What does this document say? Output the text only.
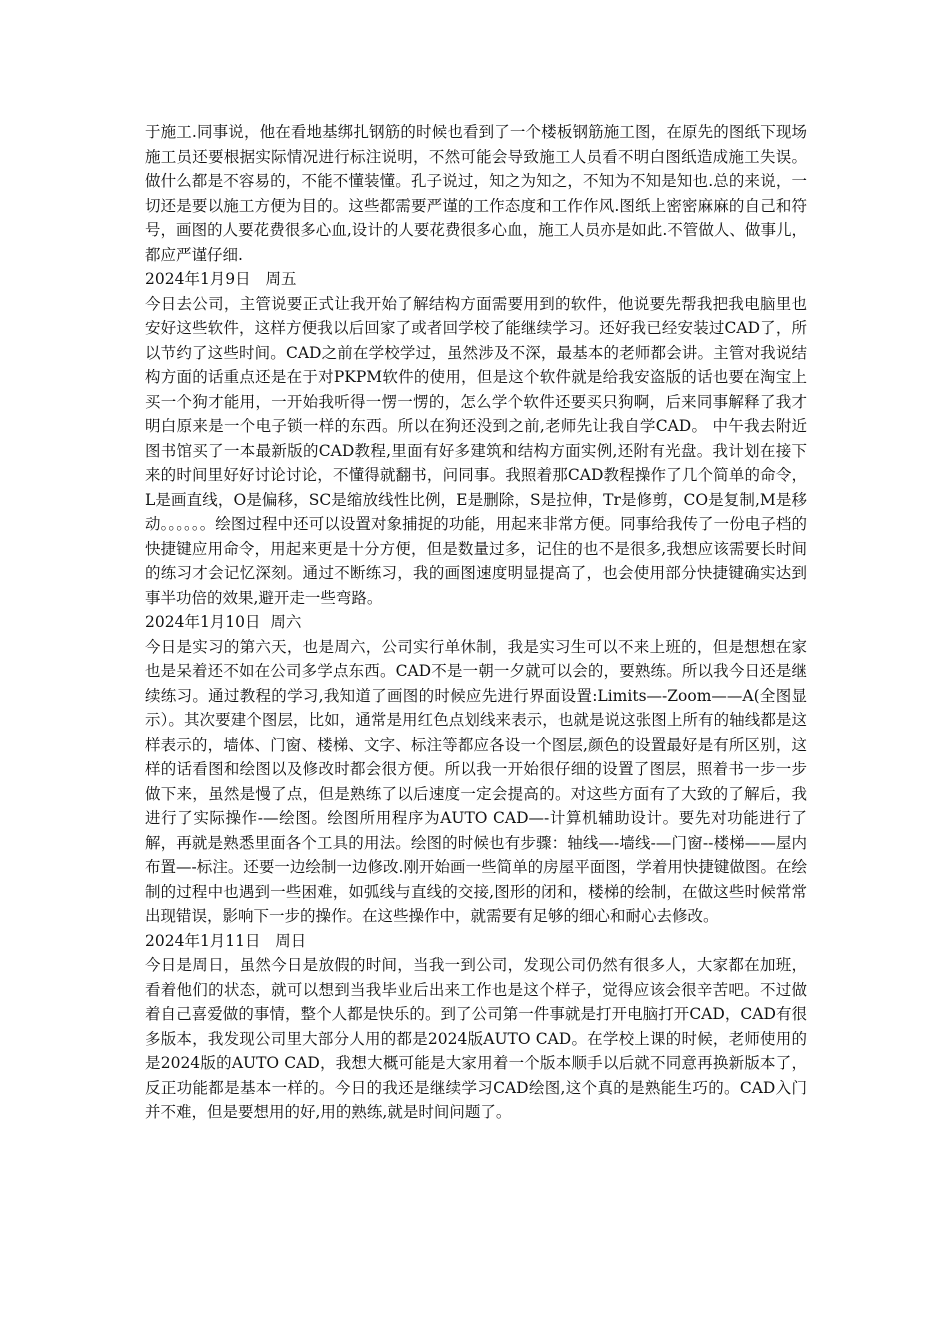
于施工.同事说，他在看地基绑扎钢筋的时候也看到了一个楼板钢筋施工图，在原先的图纸下现场施工员还要根据实际情况进行标注说明，不然可能会导致施工人员看不明白图纸造成施工失误。做什么都是不容易的，不能不懂装懂。孔子说过，知之为知之，不知为不知是知也.总的来说，一切还是要以施工方便为目的。这些都需要严谨的工作态度和工作作风.图纸上密密麻麻的自己和符号，画图的人要花费很多心血,设计的人要花费很多心血，施工人员亦是如此.不管做人、做事儿，都应严谨仔细.

2024年1月9日   周五

今日去公司，主管说要正式让我开始了解结构方面需要用到的软件，他说要先帮我把我电脑里也安好这些软件，这样方便我以后回家了或者回学校了能继续学习。还好我已经安装过CAD了，所以节约了这些时间。CAD之前在学校学过，虽然涉及不深，最基本的老师都会讲。主管对我说结构方面的话重点还是在于对PKPM软件的使用，但是这个软件就是给我安盗版的话也要在淘宝上买一个狗才能用，一开始我听得一愣一愣的，怎么学个软件还要买只狗啊，后来同事解释了我才明白原来是一个电子锁一样的东西。所以在狗还没到之前,老师先让我自学CAD。 中午我去附近图书馆买了一本最新版的CAD教程,里面有好多建筑和结构方面实例,还附有光盘。我计划在接下来的时间里好好讨论讨论，不懂得就翻书，问同事。我照着那CAD教程操作了几个简单的命令，L是画直线，O是偏移，SC是缩放线性比例，E是删除，S是拉伸，Tr是修剪，CO是复制,M是移动。。。。。。绘图过程中还可以设置对象捕捉的功能，用起来非常方便。同事给我传了一份电子档的快捷键应用命令，用起来更是十分方便，但是数量过多，记住的也不是很多,我想应该需要长时间的练习才会记忆深刻。通过不断练习，我的画图速度明显提高了，也会使用部分快捷键确实达到事半功倍的效果,避开走一些弯路。

2024年1月10日  周六

今日是实习的第六天，也是周六，公司实行单休制，我是实习生可以不来上班的，但是想想在家也是呆着还不如在公司多学点东西。CAD不是一朝一夕就可以会的，要熟练。所以我今日还是继续练习。通过教程的学习,我知道了画图的时候应先进行界面设置:Limits—-Zoom——A(全图显示）。其次要建个图层，比如，通常是用红色点划线来表示，也就是说这张图上所有的轴线都是这样表示的，墙体、门窗、楼梯、文字、标注等都应各设一个图层,颜色的设置最好是有所区别，这样的话看图和绘图以及修改时都会很方便。所以我一开始很仔细的设置了图层，照着书一步一步做下来，虽然是慢了点，但是熟练了以后速度一定会提高的。对这些方面有了大致的了解后，我进行了实际操作-—绘图。绘图所用程序为AUTO CAD—-计算机辅助设计。要先对功能进行了解，再就是熟悉里面各个工具的用法。绘图的时候也有步骤：轴线—-墙线-—门窗--楼梯——屋内布置—-标注。还要一边绘制一边修改.刚开始画一些简单的房屋平面图，学着用快捷键做图。在绘制的过程中也遇到一些困难，如弧线与直线的交接,图形的闭和，楼梯的绘制，在做这些时候常常出现错误，影响下一步的操作。在这些操作中，就需要有足够的细心和耐心去修改。

2024年1月11日   周日

今日是周日，虽然今日是放假的时间，当我一到公司，发现公司仍然有很多人，大家都在加班，看着他们的状态，就可以想到当我毕业后出来工作也是这个样子，觉得应该会很辛苦吧。不过做着自己喜爱做的事情，整个人都是快乐的。到了公司第一件事就是打开电脑打开CAD，CAD有很多版本，我发现公司里大部分人用的都是2024版AUTO CAD。在学校上课的时候，老师使用的是2024版的AUTO CAD，我想大概可能是大家用着一个版本顺手以后就不同意再换新版本了，反正功能都是基本一样的。今日的我还是继续学习CAD绘图,这个真的是熟能生巧的。CAD入门并不难，但是要想用的好,用的熟练,就是时间问题了。
